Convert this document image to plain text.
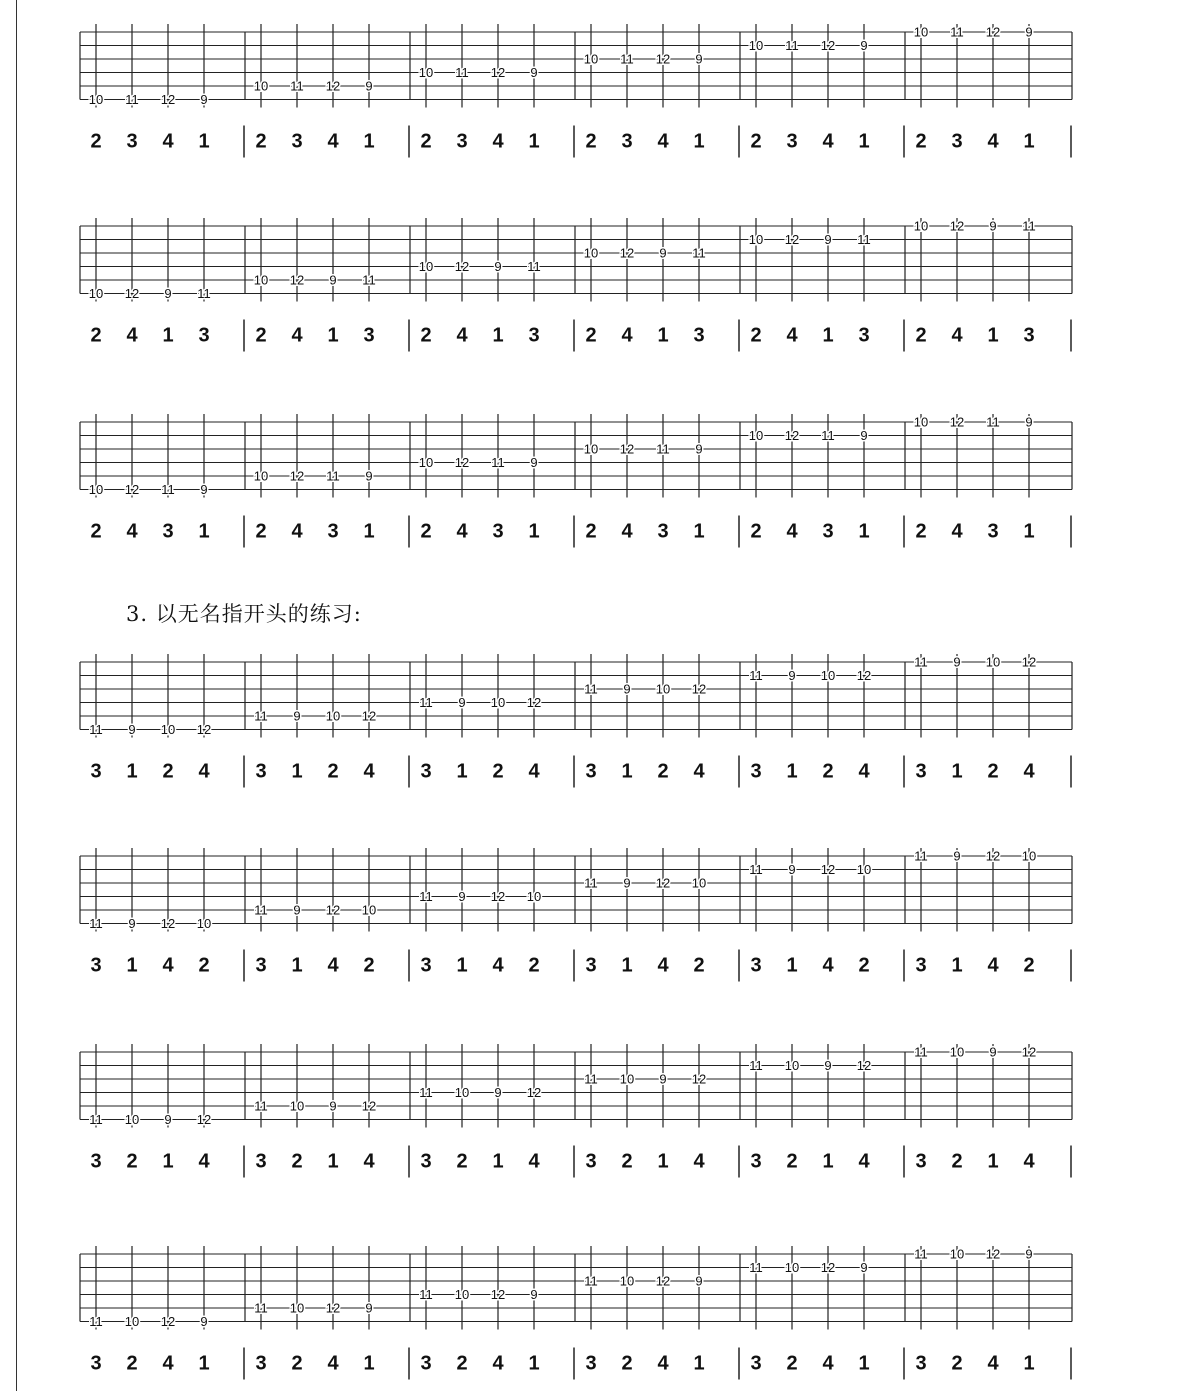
3. 以无名指开头的练习:
10
2
11
3
12
4
9
1
10
2
11
3
12
4
9
1
10
2
11
3
12
4
9
1
10
2
11
3
12
4
9
1
10
2
11
3
12
4
9
1
10
2
11
3
12
4
9
1
10
2
12
4
9
1
11
3
10
2
12
4
9
1
11
3
10
2
12
4
9
1
11
3
10
2
12
4
9
1
11
3
10
2
12
4
9
1
11
3
10
2
12
4
9
1
11
3
10
2
12
4
11
3
9
1
10
2
12
4
11
3
9
1
10
2
12
4
11
3
9
1
10
2
12
4
11
3
9
1
10
2
12
4
11
3
9
1
10
2
12
4
11
3
9
1
11
3
9
1
10
2
12
4
11
3
9
1
10
2
12
4
11
3
9
1
10
2
12
4
11
3
9
1
10
2
12
4
11
3
9
1
10
2
12
4
11
3
9
1
10
2
12
4
11
3
9
1
12
4
10
2
11
3
9
1
12
4
10
2
11
3
9
1
12
4
10
2
11
3
9
1
12
4
10
2
11
3
9
1
12
4
10
2
11
3
9
1
12
4
10
2
11
3
10
2
9
1
12
4
11
3
10
2
9
1
12
4
11
3
10
2
9
1
12
4
11
3
10
2
9
1
12
4
11
3
10
2
9
1
12
4
11
3
10
2
9
1
12
4
11
3
10
2
12
4
9
1
11
3
10
2
12
4
9
1
11
3
10
2
12
4
9
1
11
3
10
2
12
4
9
1
11
3
10
2
12
4
9
1
11
3
10
2
12
4
9
1
